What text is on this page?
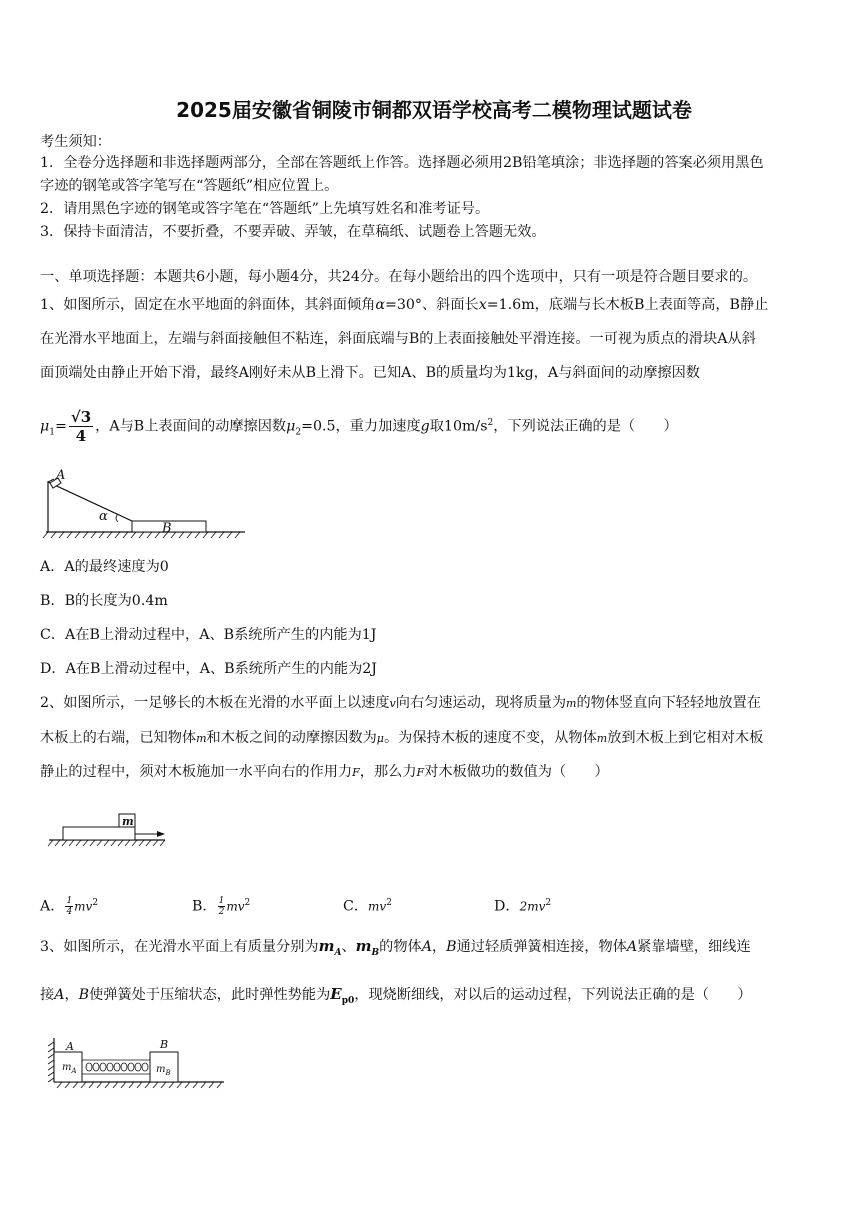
2025届安徽省铜陵市铜都双语学校高考二模物理试题试卷
考生须知：
1．全卷分选择题和非选择题两部分，全部在答题纸上作答。选择题必须用2B铅笔填涂；非选择题的答案必须用黑色
字迹的钢笔或答字笔写在“答题纸”相应位置上。
2．请用黑色字迹的钢笔或答字笔在“答题纸”上先填写姓名和准考证号。
3．保持卡面清洁，不要折叠，不要弄破、弄皱，在草稿纸、试题卷上答题无效。
一、单项选择题：本题共6小题，每小题4分，共24分。在每小题给出的四个选项中，只有一项是符合题目要求的。
1、如图所示，固定在水平地面的斜面体，其斜面倾角α=30°、斜面长x=1.6m，底端与长木板B上表面等高，B静止
在光滑水平地面上，左端与斜面接触但不粘连，斜面底端与B的上表面接触处平滑连接。一可视为质点的滑块A从斜
面顶端处由静止开始下滑，最终A刚好未从B上滑下。已知A、B的质量均为1kg，A与斜面间的动摩擦因数
$\mu_1= \frac{√3}{4}$ ，A与B上表面间的动摩擦因数$\mu_2=0.5$，重力加速度g取$10m/s^2$，下列说法正确的是（　　）
A
α
B
A．A的最终速度为0
B．B的长度为0.4m
C．A在B上滑动过程中，A、B系统所产生的内能为1J
D．A在B上滑动过程中，A、B系统所产生的内能为2J
2、如图所示，一足够长的木板在光滑的水平面上以速度v向右匀速运动，现将质量为m的物体竖直向下轻轻地放置在
木板上的右端，已知物体m和木板之间的动摩擦因数为μ。为保持木板的速度不变，从物体m放到木板上到它相对木板
静止的过程中，须对木板施加一水平向右的作用力F，那么力F对木板做功的数值为（　　）
m
A． $\frac{1}{4} mv^2$	B． $\frac{1}{2} mv^2$	C．$mv^2$	D．$2mv^2$
3、如图所示，在光滑水平面上有质量分别为$m_A$、$m_B$的物体A，B通过轻质弹簧相连接，物体A紧靠墙壁，细线连
接A，B使弹簧处于压缩状态，此时弹性势能为$E_{p0}$，现烧断细线，对以后的运动过程，下列说法正确的是（　　）
A	B
$m_A$	$m_B$
